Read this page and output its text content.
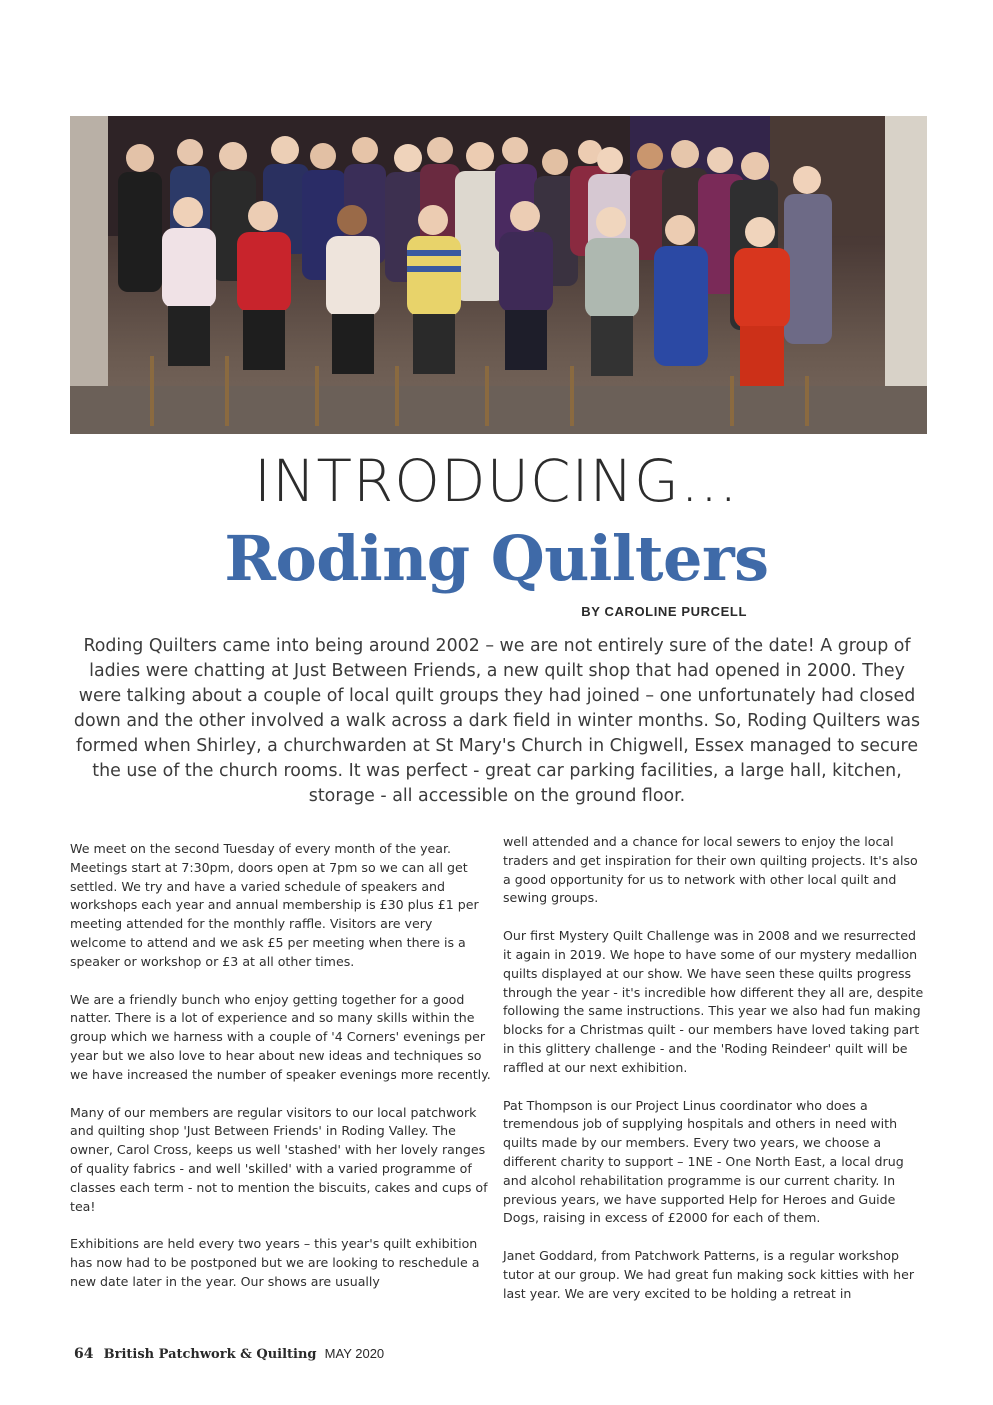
INTRODUCING…
Roding Quilters
BY CAROLINE PURCELL

Roding Quilters came into being around 2002 – we are not entirely sure of the date! A group of ladies were chatting at Just Between Friends, a new quilt shop that had opened in 2000. They were talking about a couple of local quilt groups they had joined – one unfortunately had closed down and the other involved a walk across a dark field in winter months. So, Roding Quilters was formed when Shirley, a churchwarden at St Mary's Church in Chigwell, Essex managed to secure the use of the church rooms. It was perfect - great car parking facilities, a large hall, kitchen, storage - all accessible on the ground floor.

We meet on the second Tuesday of every month of the year. Meetings start at 7:30pm, doors open at 7pm so we can all get settled. We try and have a varied schedule of speakers and workshops each year and annual membership is £30 plus £1 per meeting attended for the monthly raffle. Visitors are very welcome to attend and we ask £5 per meeting when there is a speaker or workshop or £3 at all other times.

We are a friendly bunch who enjoy getting together for a good natter. There is a lot of experience and so many skills within the group which we harness with a couple of '4 Corners' evenings per year but we also love to hear about new ideas and techniques so we have increased the number of speaker evenings more recently.

Many of our members are regular visitors to our local patchwork and quilting shop 'Just Between Friends' in Roding Valley. The owner, Carol Cross, keeps us well 'stashed' with her lovely ranges of quality fabrics - and well 'skilled' with a varied programme of classes each term - not to mention the biscuits, cakes and cups of tea!

Exhibitions are held every two years – this year's quilt exhibition has now had to be postponed but we are looking to reschedule a new date later in the year. Our shows are usually

well attended and a chance for local sewers to enjoy the local traders and get inspiration for their own quilting projects. It's also a good opportunity for us to network with other local quilt and sewing groups.

Our first Mystery Quilt Challenge was in 2008 and we resurrected it again in 2019. We hope to have some of our mystery medallion quilts displayed at our show. We have seen these quilts progress through the year - it's incredible how different they all are, despite following the same instructions. This year we also had fun making blocks for a Christmas quilt - our members have loved taking part in this glittery challenge - and the 'Roding Reindeer' quilt will be raffled at our next exhibition.

Pat Thompson is our Project Linus coordinator who does a tremendous job of supplying hospitals and others in need with quilts made by our members. Every two years, we choose a different charity to support – 1NE - One North East, a local drug and alcohol rehabilitation programme is our current charity. In previous years, we have supported Help for Heroes and Guide Dogs, raising in excess of £2000 for each of them.

Janet Goddard, from Patchwork Patterns, is a regular workshop tutor at our group. We had great fun making sock kitties with her last year. We are very excited to be holding a retreat in

64 British Patchwork & Quilting MAY 2020
